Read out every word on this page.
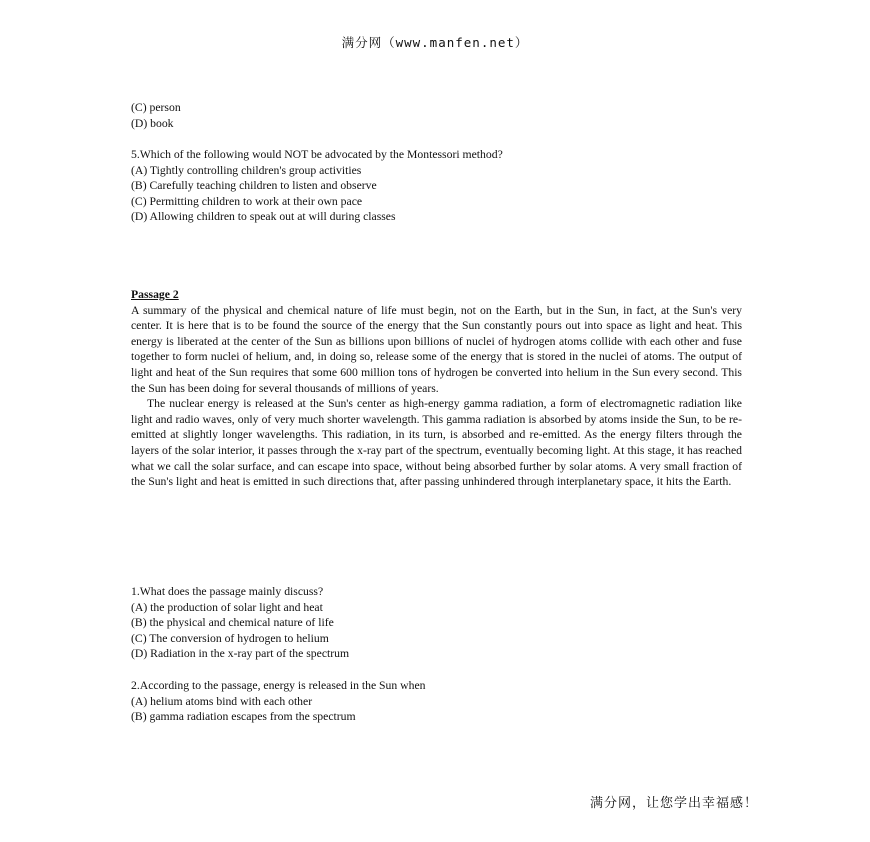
满分网（www.manfen.net）
(C) person
(D) book
5.Which of the following would NOT be advocated by the Montessori method?
(A) Tightly controlling children's group activities
(B) Carefully teaching children to listen and observe
(C) Permitting children to work at their own pace
(D) Allowing children to speak out at will during classes
Passage 2

A summary of the physical and chemical nature of life must begin, not on the Earth, but in the Sun, in fact, at the Sun's very center. It is here that is to be found the source of the energy that the Sun constantly pours out into space as light and heat. This energy is liberated at the center of the Sun as billions upon billions of nuclei of hydrogen atoms collide with each other and fuse together to form nuclei of helium, and, in doing so, release some of the energy that is stored in the nuclei of atoms. The output of light and heat of the Sun requires that some 600 million tons of hydrogen be converted into helium in the Sun every second. This the Sun has been doing for several thousands of millions of years.

The nuclear energy is released at the Sun's center as high-energy gamma radiation, a form of electromagnetic radiation like light and radio waves, only of very much shorter wavelength. This gamma radiation is absorbed by atoms inside the Sun, to be re-emitted at slightly longer wavelengths. This radiation, in its turn, is absorbed and re-emitted. As the energy filters through the layers of the solar interior, it passes through the x-ray part of the spectrum, eventually becoming light. At this stage, it has reached what we call the solar surface, and can escape into space, without being absorbed further by solar atoms. A very small fraction of the Sun's light and heat is emitted in such directions that, after passing unhindered through interplanetary space, it hits the Earth.

1.What does the passage mainly discuss?
(A) the production of solar light and heat
(B) the physical and chemical nature of life
(C) The conversion of hydrogen to helium
(D) Radiation in the x-ray part of the spectrum
2.According to the passage, energy is released in the Sun when
(A) helium atoms bind with each other
(B) gamma radiation escapes from the spectrum
满分网，让您学出幸福感！
